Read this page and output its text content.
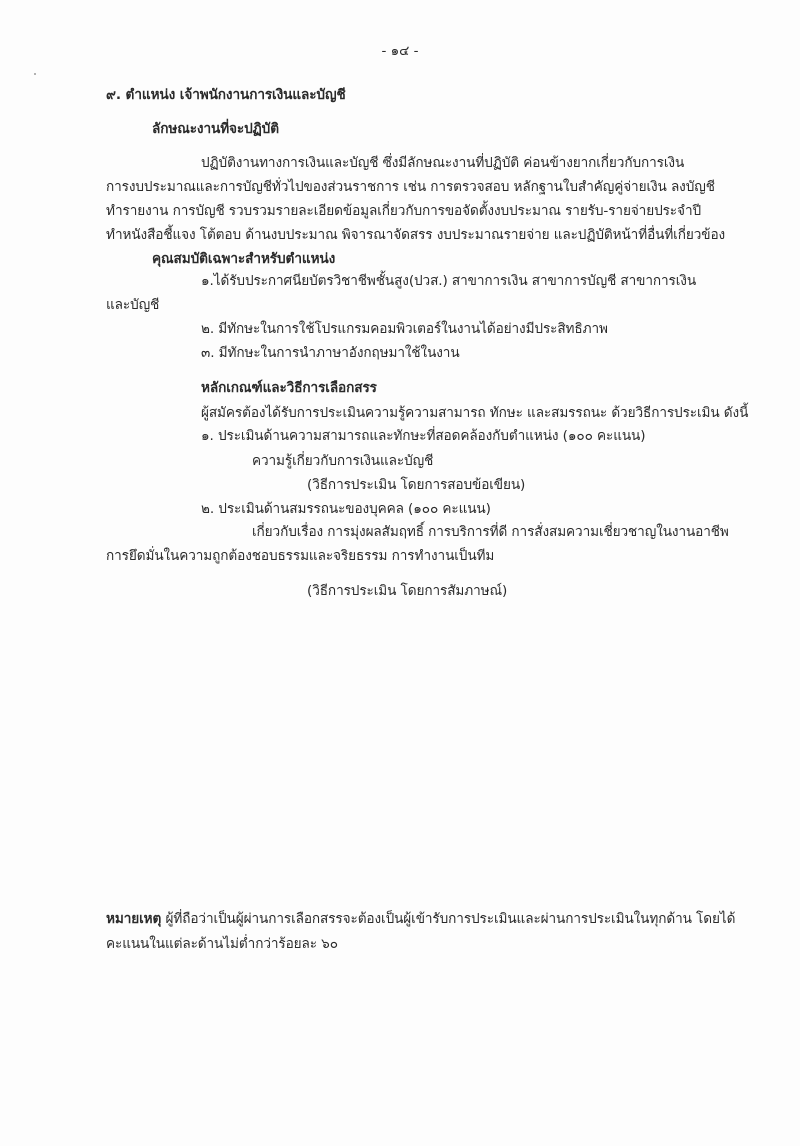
- ๑๔ -
๙. ตำแหน่ง เจ้าพนักงานการเงินและบัญชี
ลักษณะงานที่จะปฏิบัติ
ปฏิบัติงานทางการเงินและบัญชี ซึ่งมีลักษณะงานที่ปฏิบัติ ค่อนข้างยากเกี่ยวกับการเงิน
การงบประมาณและการบัญชีทั่วไปของส่วนราชการ เช่น การตรวจสอบ หลักฐานใบสำคัญคู่จ่ายเงิน ลงบัญชี
ทำรายงาน การบัญชี รวบรวมรายละเอียดข้อมูลเกี่ยวกับการขอจัดตั้งงบประมาณ รายรับ-รายจ่ายประจำปี
ทำหนังสือชี้แจง โต้ตอบ ด้านงบประมาณ พิจารณาจัดสรร งบประมาณรายจ่าย และปฏิบัติหน้าที่อื่นที่เกี่ยวข้อง
คุณสมบัติเฉพาะสำหรับตำแหน่ง
๑.ได้รับประกาศนียบัตรวิชาชีพชั้นสูง(ปวส.) สาขาการเงิน สาขาการบัญชี สาขาการเงิน
และบัญชี
๒. มีทักษะในการใช้โปรแกรมคอมพิวเตอร์ในงานได้อย่างมีประสิทธิภาพ
๓. มีทักษะในการนำภาษาอังกฤษมาใช้ในงาน
หลักเกณฑ์และวิธีการเลือกสรร
ผู้สมัครต้องได้รับการประเมินความรู้ความสามารถ ทักษะ และสมรรถนะ ด้วยวิธีการประเมิน ดังนี้
๑. ประเมินด้านความสามารถและทักษะที่สอดคล้องกับตำแหน่ง (๑๐๐ คะแนน)
ความรู้เกี่ยวกับการเงินและบัญชี
(วิธีการประเมิน โดยการสอบข้อเขียน)
๒. ประเมินด้านสมรรถนะของบุคคล (๑๐๐ คะแนน)
เกี่ยวกับเรื่อง การมุ่งผลสัมฤทธิ์ การบริการที่ดี การสั่งสมความเชี่ยวชาญในงานอาชีพ
การยึดมั่นในความถูกต้องชอบธรรมและจริยธรรม การทำงานเป็นทีม
(วิธีการประเมิน โดยการสัมภาษณ์)
หมายเหตุ ผู้ที่ถือว่าเป็นผู้ผ่านการเลือกสรรจะต้องเป็นผู้เข้ารับการประเมินและผ่านการประเมินในทุกด้าน โดยได้
คะแนนในแต่ละด้านไม่ต่ำกว่าร้อยละ ๖๐
